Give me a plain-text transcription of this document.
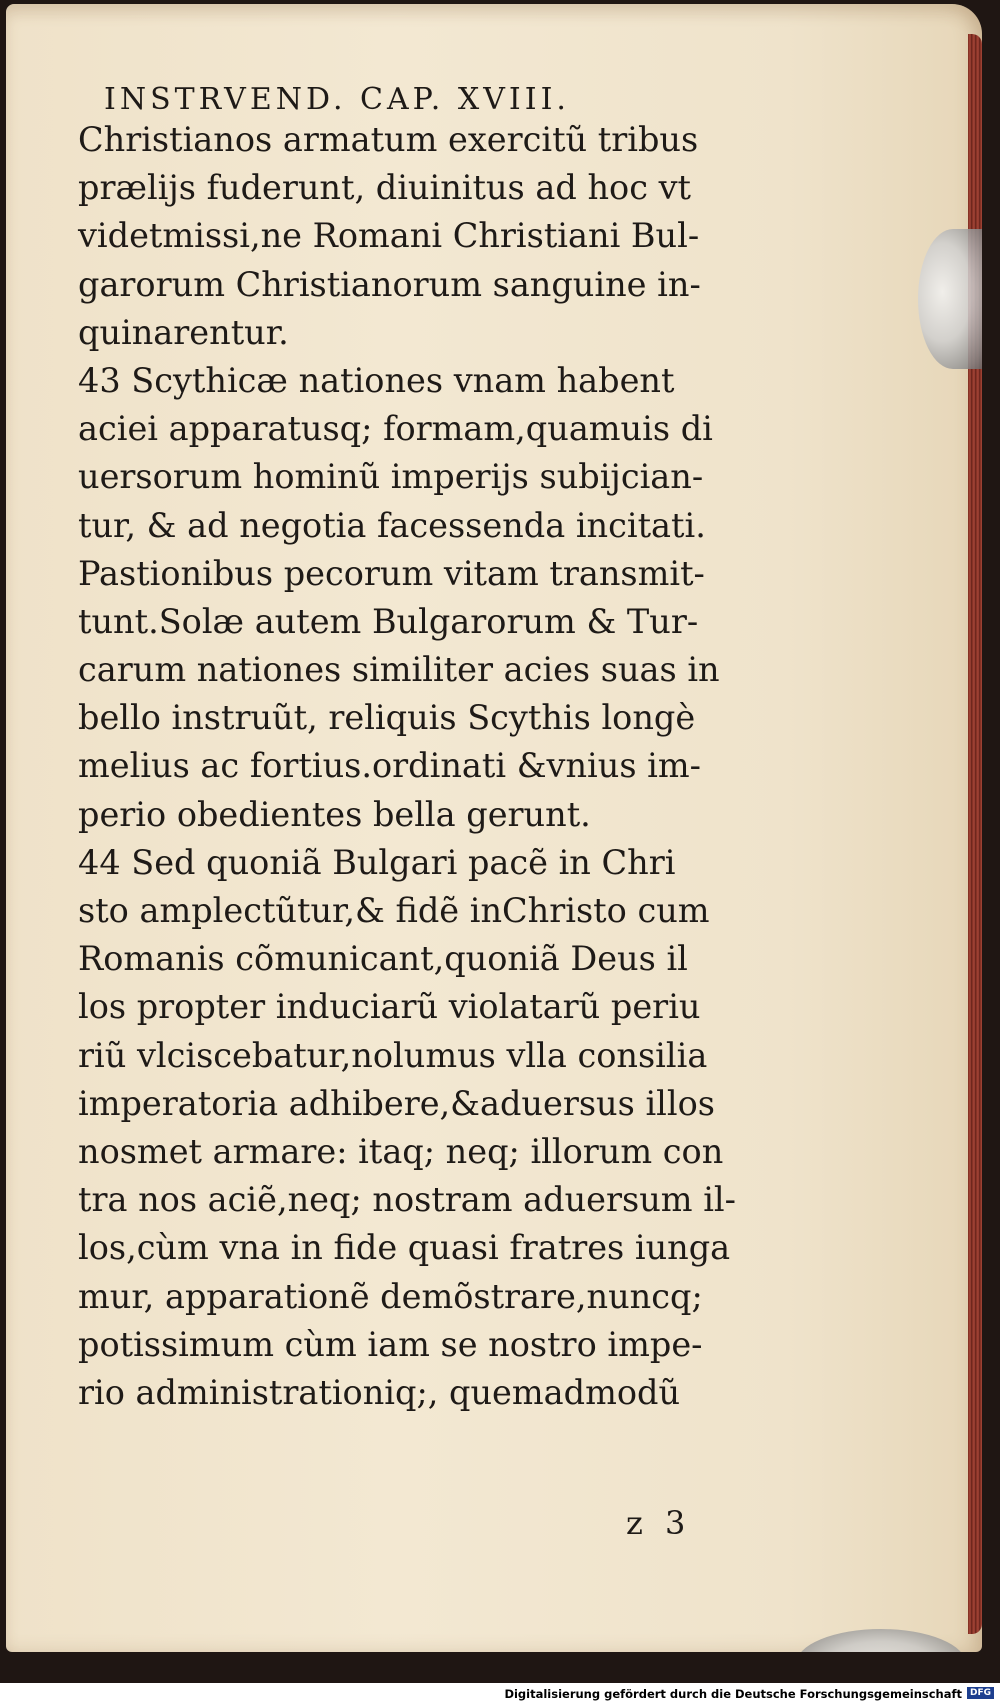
INSTRVEND. CAP. XVIII.
Christianos armatum exercitũ tribus
prælijs fuderunt, diuinitus ad hoc vt
videtmissi,ne Romani Christiani Bul-
garorum Christianorum sanguine in-
quinarentur.
43 Scythicæ nationes vnam habent
aciei apparatusq; formam,quamuis di
uersorum hominũ imperijs subijcian-
tur, & ad negotia facessenda incitati.
Pastionibus pecorum vitam transmit-
tunt.Solæ autem Bulgarorum & Tur-
carum nationes similiter acies suas in
bello instruũt, reliquis Scythis longè
melius ac fortius.ordinati &vnius im-
perio obedientes bella gerunt.
44 Sed quoniã Bulgari pacẽ in Chri
sto amplectũtur,& fidẽ inChristo cum
Romanis cõmunicant,quoniã Deus il
los propter induciarũ violatarũ periu
riũ vlciscebatur,nolumus vlla consilia
imperatoria adhibere,&aduersus illos
nosmet armare: itaq; neq; illorum con
tra nos aciẽ,neq; nostram aduersum il-
los,cùm vna in fide quasi fratres iunga
mur, apparationẽ demõstrare,nuncq;
potissimum cùm iam se nostro impe-
rio administrationiq;, quemadmodũ
z 3
Digitalisierung gefördert durch die Deutsche Forschungsgemeinschaft DFG
